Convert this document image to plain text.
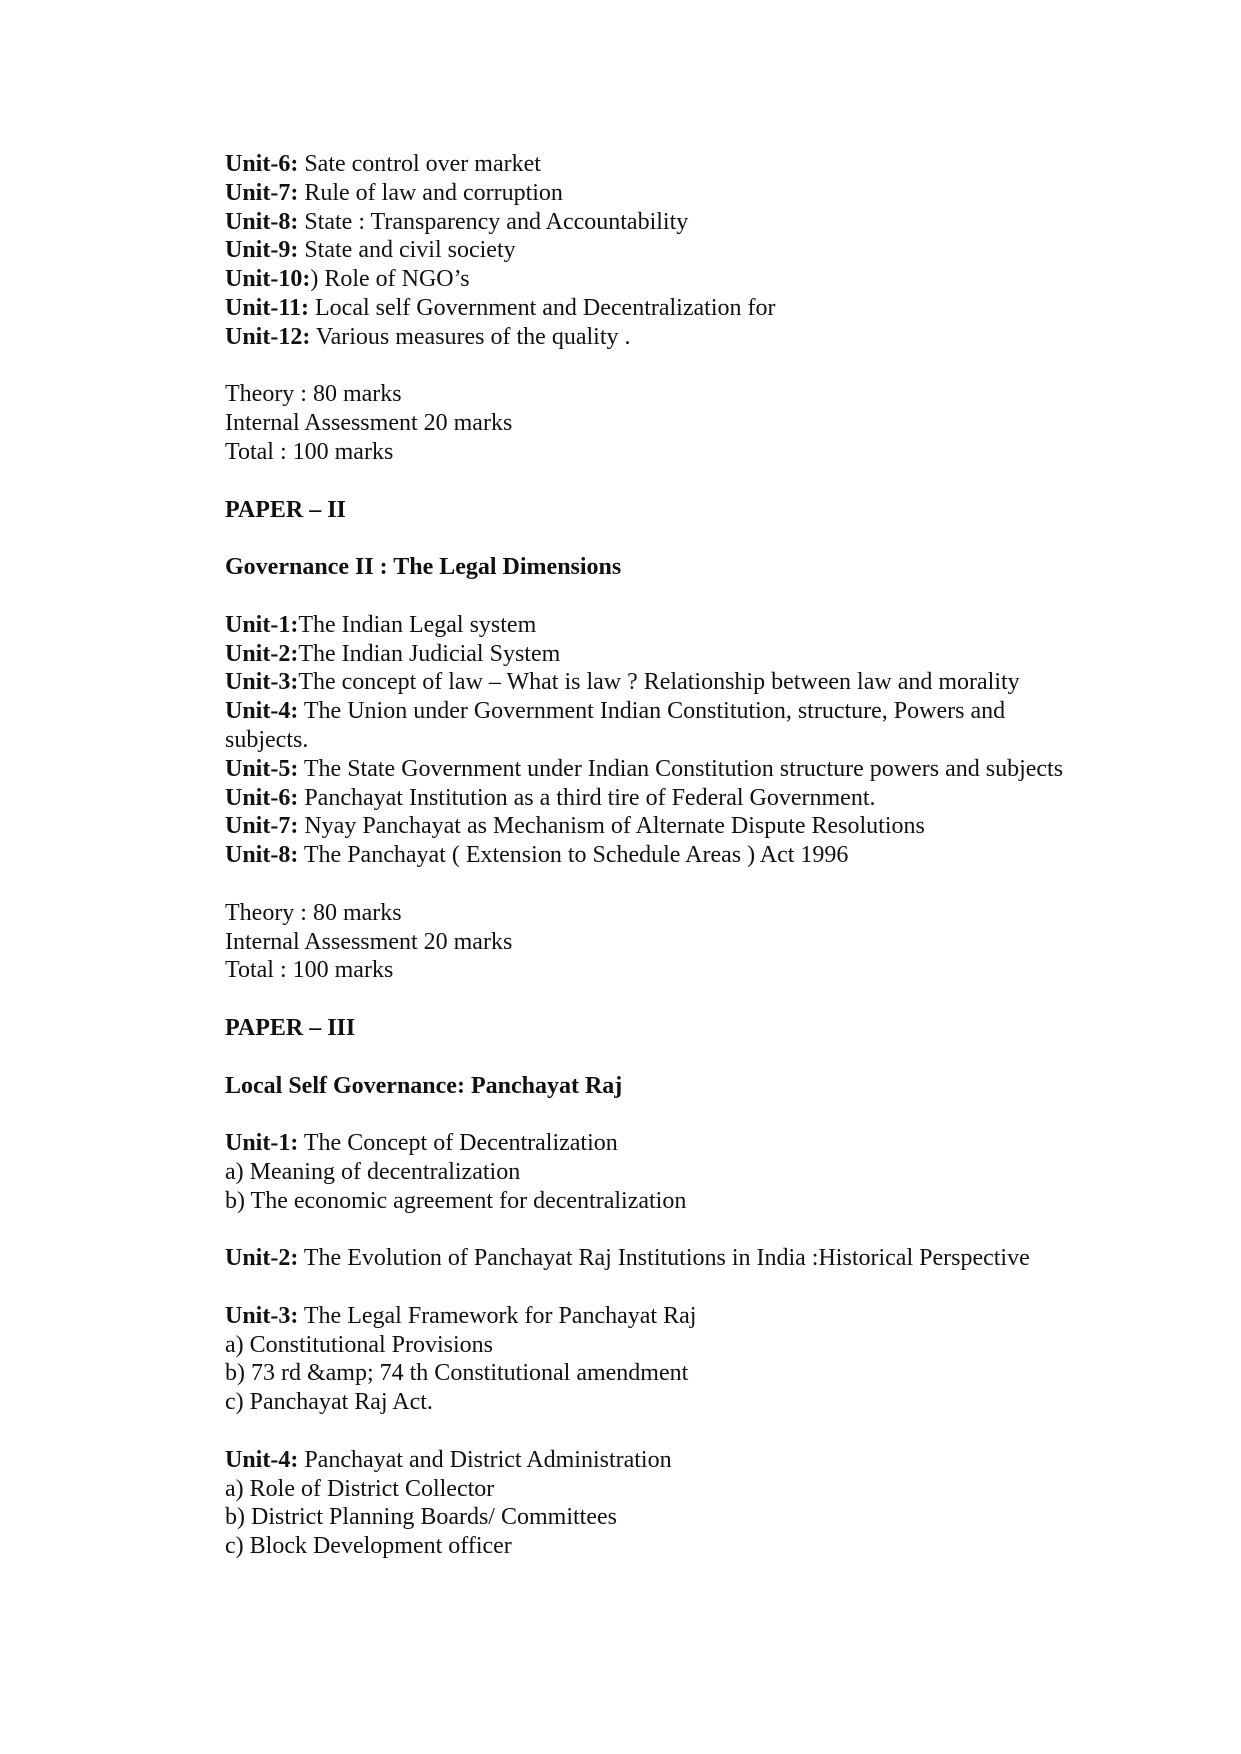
Unit-6: Sate control over market

Unit-7: Rule of law and corruption

Unit-8: State : Transparency and Accountability

Unit-9: State and civil society

Unit-10:) Role of NGO’s

Unit-11: Local self Government and Decentralization for

Unit-12: Various measures of the quality .

Theory : 80 marks

Internal Assessment 20 marks

Total : 100 marks

PAPER – II

Governance II : The Legal Dimensions

Unit-1:The Indian Legal system

Unit-2:The Indian Judicial System

Unit-3:The concept of law – What is law ? Relationship between law and morality

Unit-4: The Union under Government Indian Constitution, structure, Powers and subjects.

Unit-5: The State Government under Indian Constitution structure powers and subjects

Unit-6: Panchayat Institution as a third tire of Federal Government.

Unit-7: Nyay Panchayat as Mechanism of Alternate Dispute Resolutions

Unit-8: The Panchayat ( Extension to Schedule Areas ) Act 1996

Theory : 80 marks

Internal Assessment 20 marks

Total : 100 marks

PAPER – III

Local Self Governance: Panchayat Raj

Unit-1: The Concept of Decentralization

a) Meaning of decentralization

b) The economic agreement for decentralization

Unit-2: The Evolution of Panchayat Raj Institutions in India :Historical Perspective

Unit-3: The Legal Framework for Panchayat Raj

a) Constitutional Provisions

b) 73 rd &amp; 74 th Constitutional amendment

c) Panchayat Raj Act.

Unit-4: Panchayat and District Administration

a) Role of District Collector

b) District Planning Boards/ Committees

c) Block Development officer
